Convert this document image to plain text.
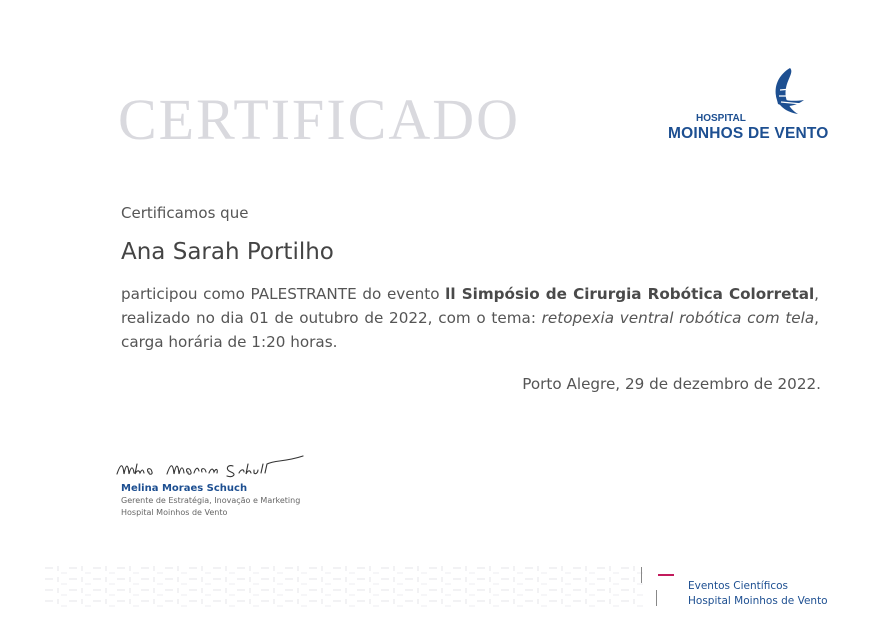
CERTIFICADO	HOSPITAL
MOINHOS DE VENTO

Certificamos que

Ana Sarah Portilho

participou como PALESTRANTE do evento ll Simpósio de Cirurgia Robótica Colorretal, realizado no dia 01 de outubro de 2022, com o tema: retopexia ventral robótica com tela, carga horária de 1:20 horas.

Porto Alegre, 29 de dezembro de 2022.

Melina Moraes Schuch
Gerente de Estratégia, Inovação e Marketing
Hospital Moinhos de Vento
Eventos Científicos
Hospital Moinhos de Vento
